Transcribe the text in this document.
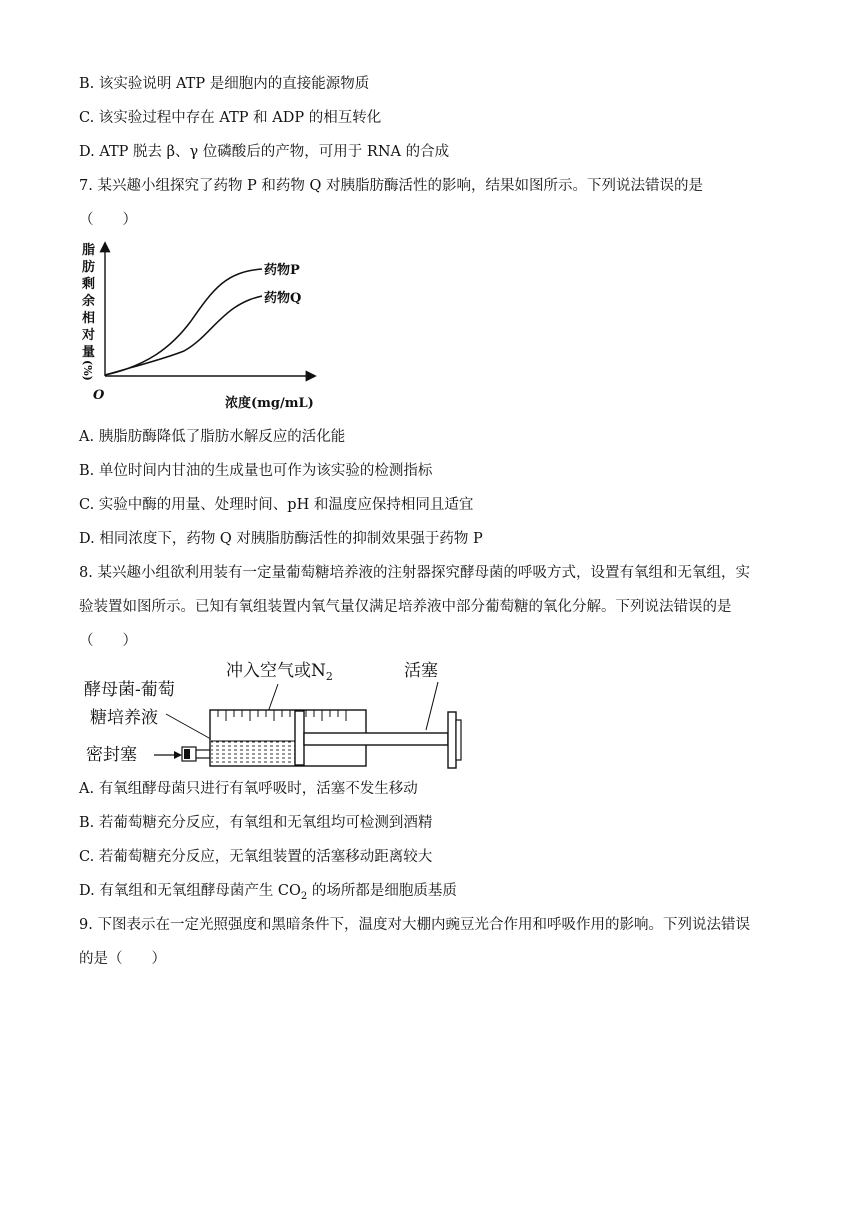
B. 该实验说明 ATP 是细胞内的直接能源物质
C. 该实验过程中存在 ATP 和 ADP 的相互转化
D. ATP 脱去 β、γ 位磷酸后的产物，可用于 RNA 的合成
7. 某兴趣小组探究了药物 P 和药物 Q 对胰脂肪酶活性的影响，结果如图所示。下列说法错误的是
（　　）
脂
肪
剩
余
相
对
量
(%)
O
浓度(mg/mL)
药物P
药物Q
A. 胰脂肪酶降低了脂肪水解反应的活化能
B. 单位时间内甘油的生成量也可作为该实验的检测指标
C. 实验中酶的用量、处理时间、pH 和温度应保持相同且适宜
D. 相同浓度下，药物 Q 对胰脂肪酶活性的抑制效果强于药物 P
8. 某兴趣小组欲利用装有一定量葡萄糖培养液的注射器探究酵母菌的呼吸方式，设置有氧组和无氧组，实
验装置如图所示。已知有氧组装置内氧气量仅满足培养液中部分葡萄糖的氧化分解。下列说法错误的是
（　　）
冲入空气或$N_2$	活塞
酵母菌-葡萄
糖培养液
密封塞
A. 有氧组酵母菌只进行有氧呼吸时，活塞不发生移动
B. 若葡萄糖充分反应，有氧组和无氧组均可检测到酒精
C. 若葡萄糖充分反应，无氧组装置的活塞移动距离较大
D. 有氧组和无氧组酵母菌产生 $CO_2$ 的场所都是细胞质基质
9. 下图表示在一定光照强度和黑暗条件下，温度对大棚内豌豆光合作用和呼吸作用的影响。下列说法错误
的是（　　）
